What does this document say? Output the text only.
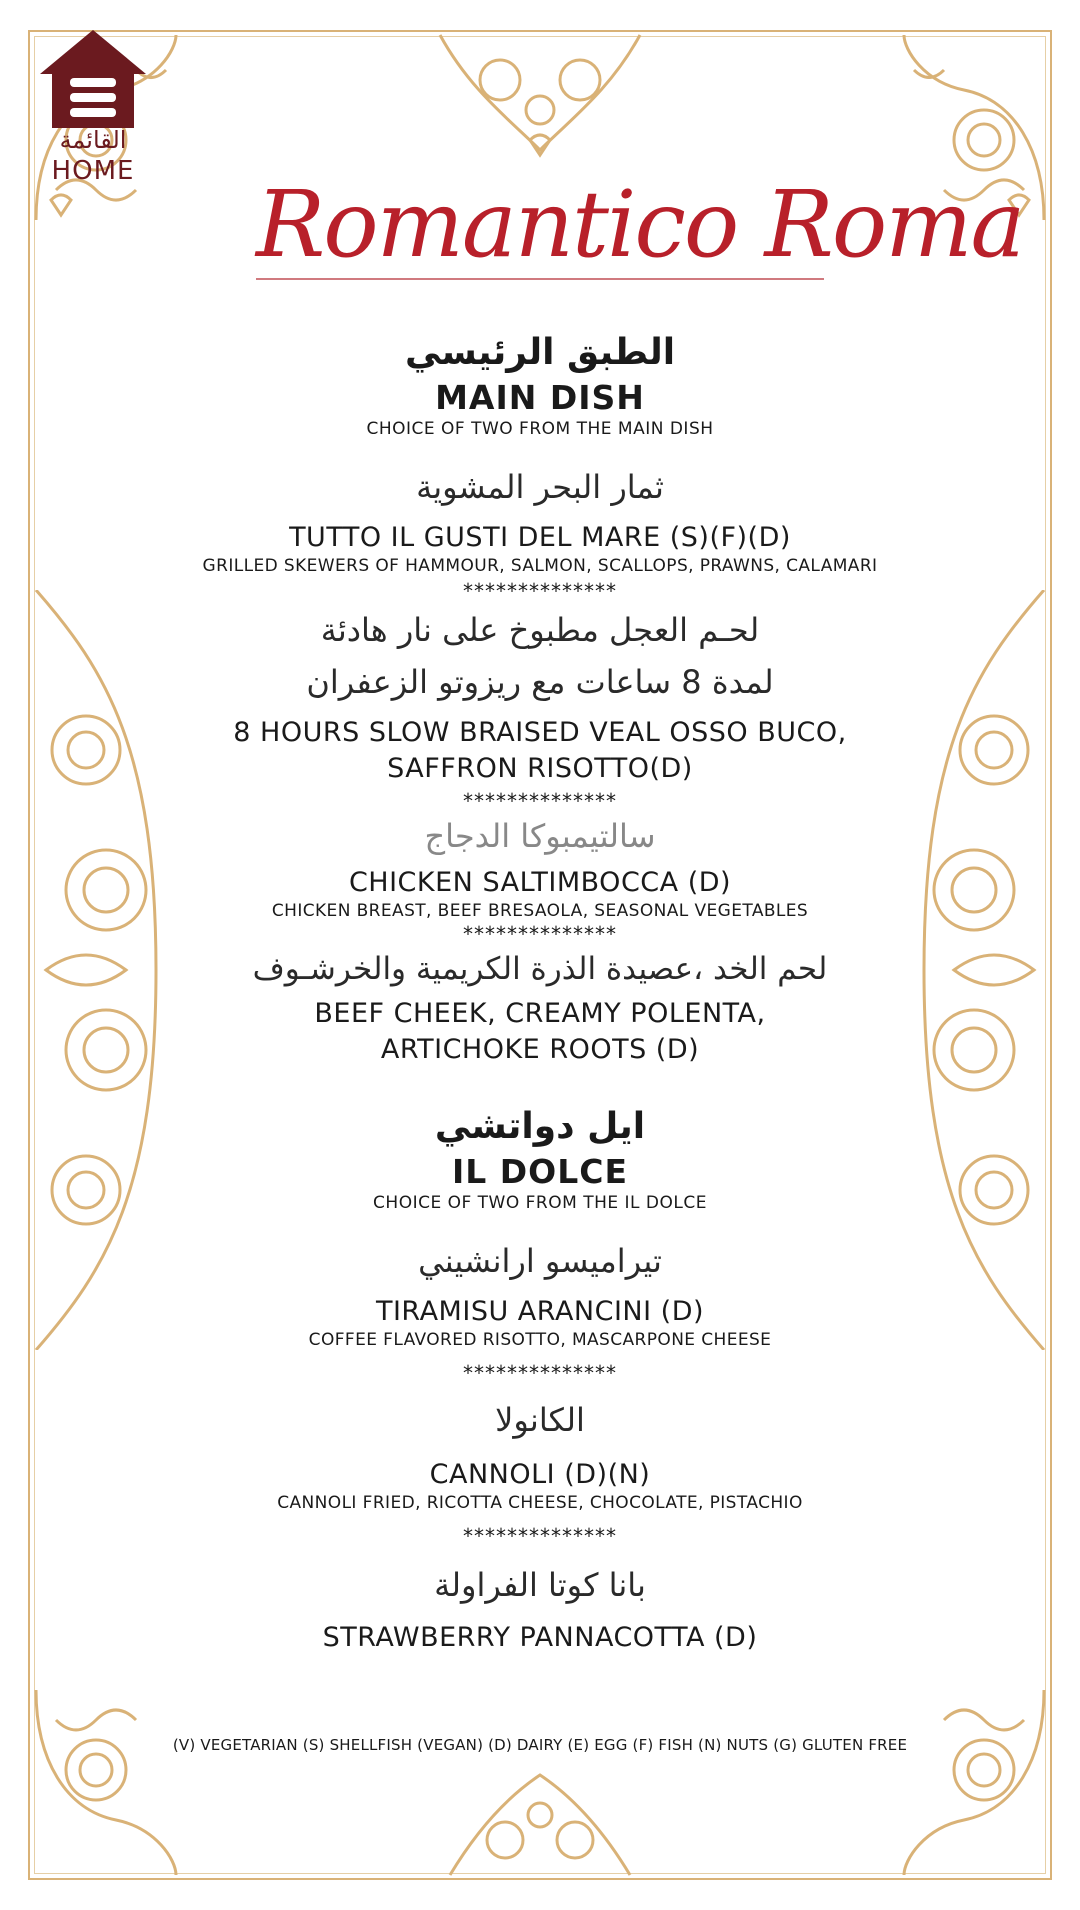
القائمة
HOME Romantico Roma
الطبق الرئيسي
MAIN DISH
CHOICE OF TWO FROM THE MAIN DISH
ثمار البحر المشوية
TUTTO IL GUSTI DEL MARE (S)(F)(D)
GRILLED SKEWERS OF HAMMOUR, SALMON, SCALLOPS, PRAWNS, CALAMARI
**************
لحـم العجل مطبوخ على نار هادئة
لمدة 8 ساعات مع ريزوتو الزعفران
8 HOURS SLOW BRAISED VEAL OSSO BUCO,
SAFFRON RISOTTO(D)
**************
سالتيمبوكا الدجاج
CHICKEN SALTIMBOCCA (D)
CHICKEN BREAST, BEEF BRESAOLA, SEASONAL VEGETABLES
**************
لحم الخد ،عصيدة الذرة الكريمية والخرشـوف
BEEF CHEEK, CREAMY POLENTA,
ARTICHOKE ROOTS (D)
ايل دواتشي
IL DOLCE
CHOICE OF TWO FROM THE IL DOLCE
تيراميسو ارانشيني
TIRAMISU ARANCINI (D)
COFFEE FLAVORED RISOTTO, MASCARPONE CHEESE
**************
الكانولا
CANNOLI (D)(N)
CANNOLI FRIED, RICOTTA CHEESE, CHOCOLATE, PISTACHIO
**************
بانا كوتا الفراولة
STRAWBERRY PANNACOTTA (D)
(V) VEGETARIAN (S) SHELLFISH (VEGAN) (D) DAIRY (E) EGG (F) FISH (N) NUTS (G) GLUTEN FREE
